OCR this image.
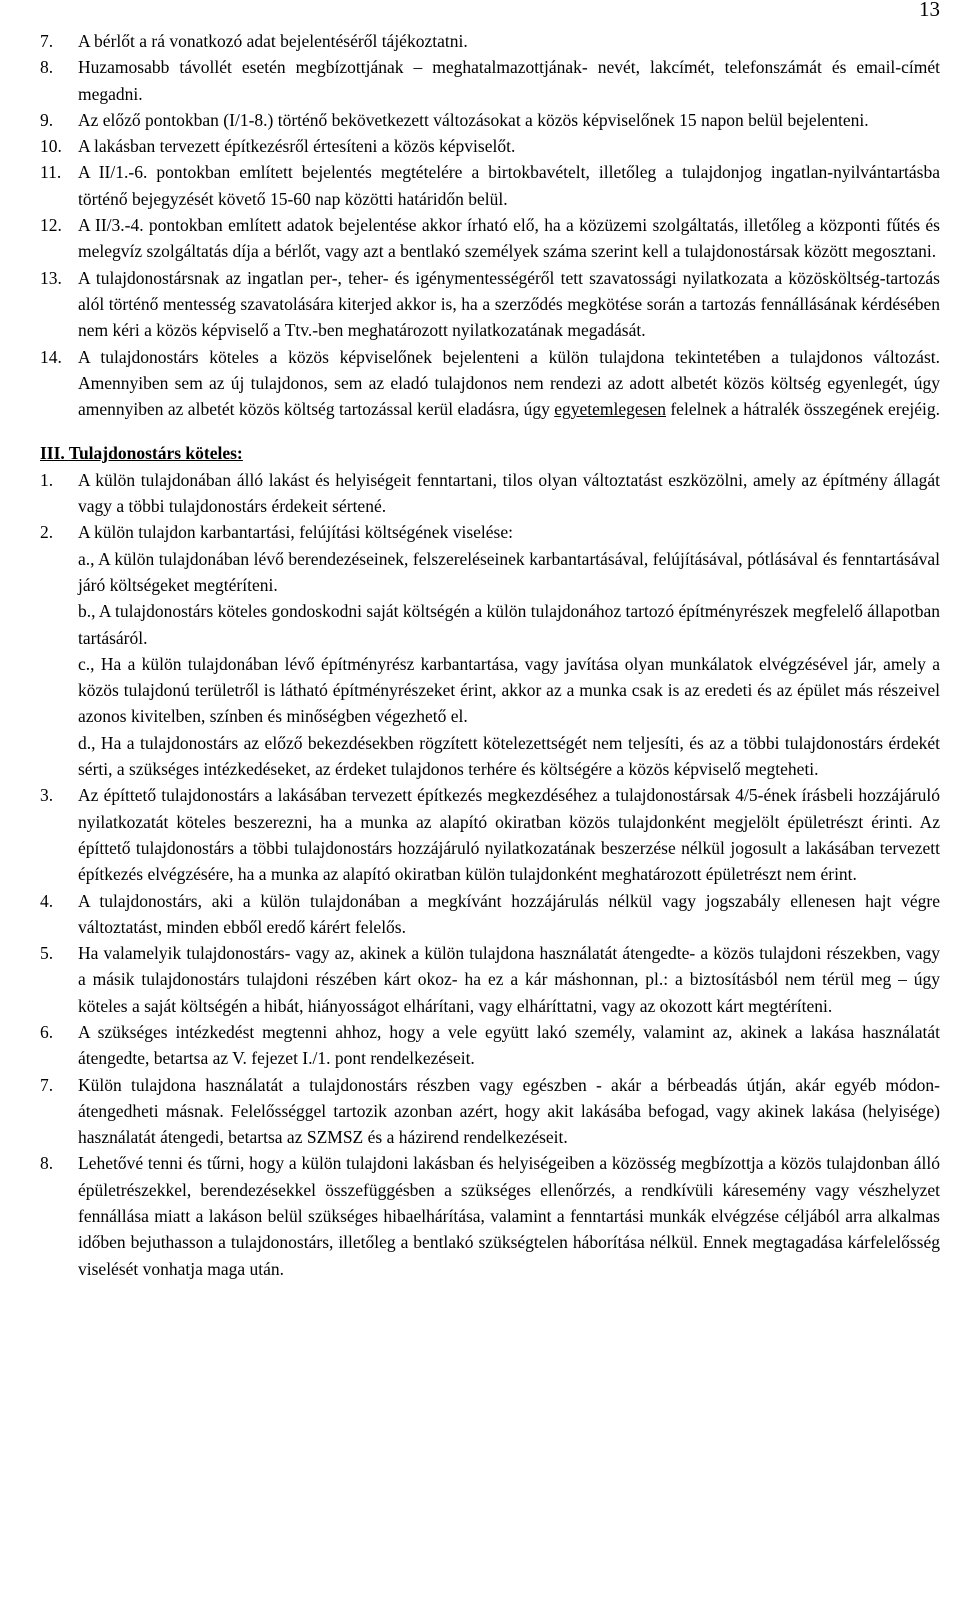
13
7.	A bérlőt a rá vonatkozó adat bejelentéséről tájékoztatni.
8.	Huzamosabb távollét esetén megbízottjának – meghatalmazottjának- nevét, lakcímét, telefonszámát és email-címét megadni.
9.	Az előző pontokban (I/1-8.) történő bekövetkezett változásokat a közös képviselőnek 15 napon belül bejelenteni.
10. A lakásban tervezett építkezésről értesíteni a közös képviselőt.
11. A II/1.-6. pontokban említett bejelentés megtételére a birtokbavételt, illetőleg a tulajdonjog ingatlan-nyilvántartásba történő bejegyzését követő 15-60 nap közötti határidőn belül.
12. A II/3.-4. pontokban említett adatok bejelentése akkor írható elő, ha a közüzemi szolgáltatás, illetőleg a központi fűtés és melegvíz szolgáltatás díja a bérlőt, vagy azt a bentlakó személyek száma szerint kell a tulajdonostársak között megosztani.
13. A tulajdonostársnak az ingatlan per-, teher- és igénymentességéről tett szavatossági nyilatkozata a közösköltség-tartozás alól történő mentesség szavatolására kiterjed akkor is, ha a szerződés megkötése során a tartozás fennállásának kérdésében nem kéri a közös képviselő a Ttv.-ben meghatározott nyilatkozatának megadását.
14. A tulajdonostárs köteles a közös képviselőnek bejelenteni a külön tulajdona tekintetében a tulajdonos változást. Amennyiben sem az új tulajdonos, sem az eladó tulajdonos nem rendezi az adott albetét közös költség egyenlegét, úgy amennyiben az albetét közös költség tartozással kerül eladásra, úgy egyetemlegesen felelnek a hátralék összegének erejéig.
III. Tulajdonostárs köteles:
1.	A külön tulajdonában álló lakást és helyiségeit fenntartani, tilos olyan változtatást eszközölni, amely az építmény állagát vagy a többi tulajdonostárs érdekeit sértené.
2.	A külön tulajdon karbantartási, felújítási költségének viselése:
a., A külön tulajdonában lévő berendezéseinek, felszereléseinek karbantartásával, felújításával, pótlásával és fenntartásával járó költségeket megtéríteni.
b., A tulajdonostárs köteles gondoskodni saját költségén a külön tulajdonához tartozó építményrészek megfelelő állapotban tartásáról.
c., Ha a külön tulajdonában lévő építményrész karbantartása, vagy javítása olyan munkálatok elvégzésével jár, amely a közös tulajdonú területről is látható építményrészeket érint, akkor az a munka csak is az eredeti és az épület más részeivel azonos kivitelben, színben és minőségben végezhető el.
d., Ha a tulajdonostárs az előző bekezdésekben rögzített kötelezettségét nem teljesíti, és az a többi tulajdonostárs érdekét sérti, a szükséges intézkedéseket, az érdeket tulajdonos terhére és költségére a közös képviselő megteheti.
3.	Az építtető tulajdonostárs a lakásában tervezett építkezés megkezdéséhez a tulajdonostársak 4/5-ének írásbeli hozzájáruló nyilatkozatát köteles beszerezni, ha a munka az alapító okiratban közös tulajdonként megjelölt épületrészt érinti. Az építtető tulajdonostárs a többi tulajdonostárs hozzájáruló nyilatkozatának beszerzése nélkül jogosult a lakásában tervezett építkezés elvégzésére, ha a munka az alapító okiratban külön tulajdonként meghatározott épületrészt nem érint.
4.	A tulajdonostárs, aki a külön tulajdonában a megkívánt hozzájárulás nélkül vagy jogszabály ellenesen hajt végre változtatást, minden ebből eredő kárért felelős.
5.	Ha valamelyik tulajdonostárs- vagy az, akinek a külön tulajdona használatát átengedte- a közös tulajdoni részekben, vagy a másik tulajdonostárs tulajdoni részében kárt okoz- ha ez a kár máshonnan, pl.: a biztosításból nem térül meg – úgy köteles a saját költségén a hibát, hiányosságot elhárítani, vagy elháríttatni, vagy az okozott kárt megtéríteni.
6.	A szükséges intézkedést megtenni ahhoz, hogy a vele együtt lakó személy, valamint az, akinek a lakása használatát átengedte, betartsa az V. fejezet I./1. pont rendelkezéseit.
7.	Külön tulajdona használatát a tulajdonostárs részben vagy egészben - akár a bérbeadás útján, akár egyéb módon- átengedheti másnak. Felelősséggel tartozik azonban azért, hogy akit lakásába befogad, vagy akinek lakása (helyisége) használatát átengedi, betartsa az SZMSZ és a házirend rendelkezéseit.
8.	Lehetővé tenni és tűrni, hogy a külön tulajdoni lakásban és helyiségeiben a közösség megbízottja a közös tulajdonban álló épületrészekkel, berendezésekkel összefüggésben a szükséges ellenőrzés, a rendkívüli káresemény vagy vészhelyzet fennállása miatt a lakáson belül szükséges hibaelhárítása, valamint a fenntartási munkák elvégzése céljából arra alkalmas időben bejuthasson a tulajdonostárs, illetőleg a bentlakó szükségtelen háborítása nélkül. Ennek megtagadása kárfelelősség viselését vonhatja maga után.
